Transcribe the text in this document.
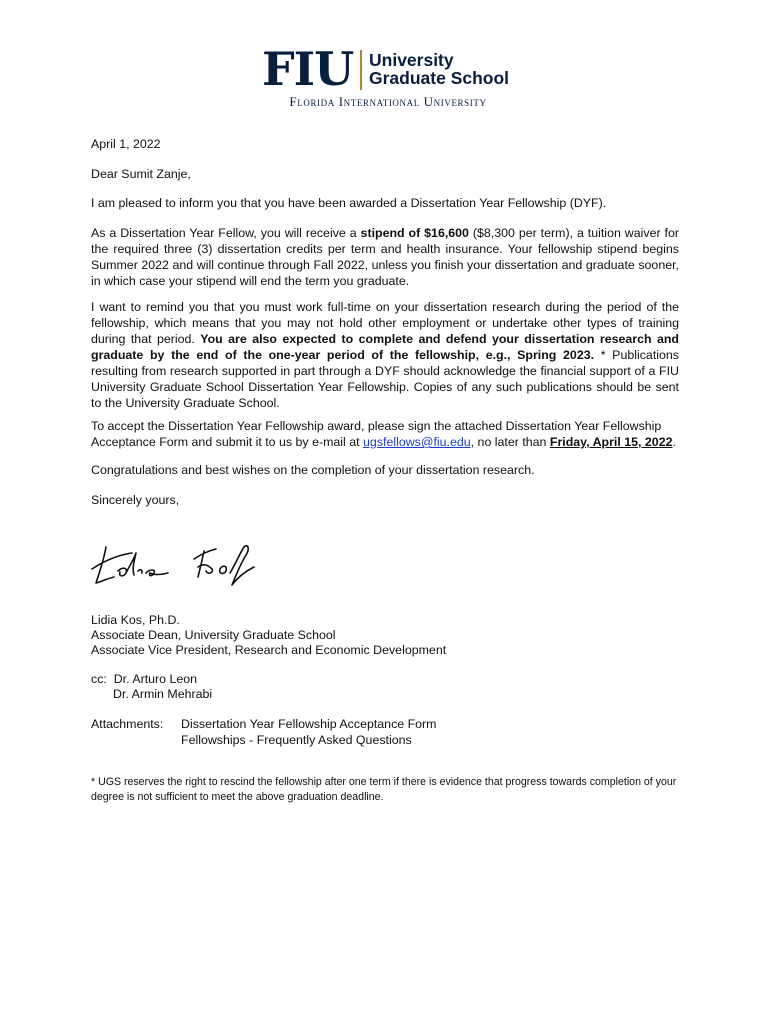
FIU University
Graduate School
Florida International University
April 1, 2022
Dear Sumit Zanje,
I am pleased to inform you that you have been awarded a Dissertation Year Fellowship (DYF).
As a Dissertation Year Fellow, you will receive a stipend of $16,600 ($8,300 per term), a tuition waiver for the required three (3) dissertation credits per term and health insurance. Your fellowship stipend begins Summer 2022 and will continue through Fall 2022, unless you finish your dissertation and graduate sooner, in which case your stipend will end the term you graduate.
I want to remind you that you must work full-time on your dissertation research during the period of the fellowship, which means that you may not hold other employment or undertake other types of training during that period. You are also expected to complete and defend your dissertation research and graduate by the end of the one-year period of the fellowship, e.g., Spring 2023. * Publications resulting from research supported in part through a DYF should acknowledge the financial support of a FIU University Graduate School Dissertation Year Fellowship. Copies of any such publications should be sent to the University Graduate School.
To accept the Dissertation Year Fellowship award, please sign the attached Dissertation Year Fellowship Acceptance Form and submit it to us by e-mail at ugsfellows@fiu.edu, no later than Friday, April 15, 2022.
Congratulations and best wishes on the completion of your dissertation research.
Sincerely yours,
Lidia Kos, Ph.D.
Associate Dean, University Graduate School
Associate Vice President, Research and Economic Development
cc: Dr. Arturo Leon
Dr. Armin Mehrabi
Attachments: Dissertation Year Fellowship Acceptance Form
Fellowships - Frequently Asked Questions
* UGS reserves the right to rescind the fellowship after one term if there is evidence that progress towards completion of your degree is not sufficient to meet the above graduation deadline.
